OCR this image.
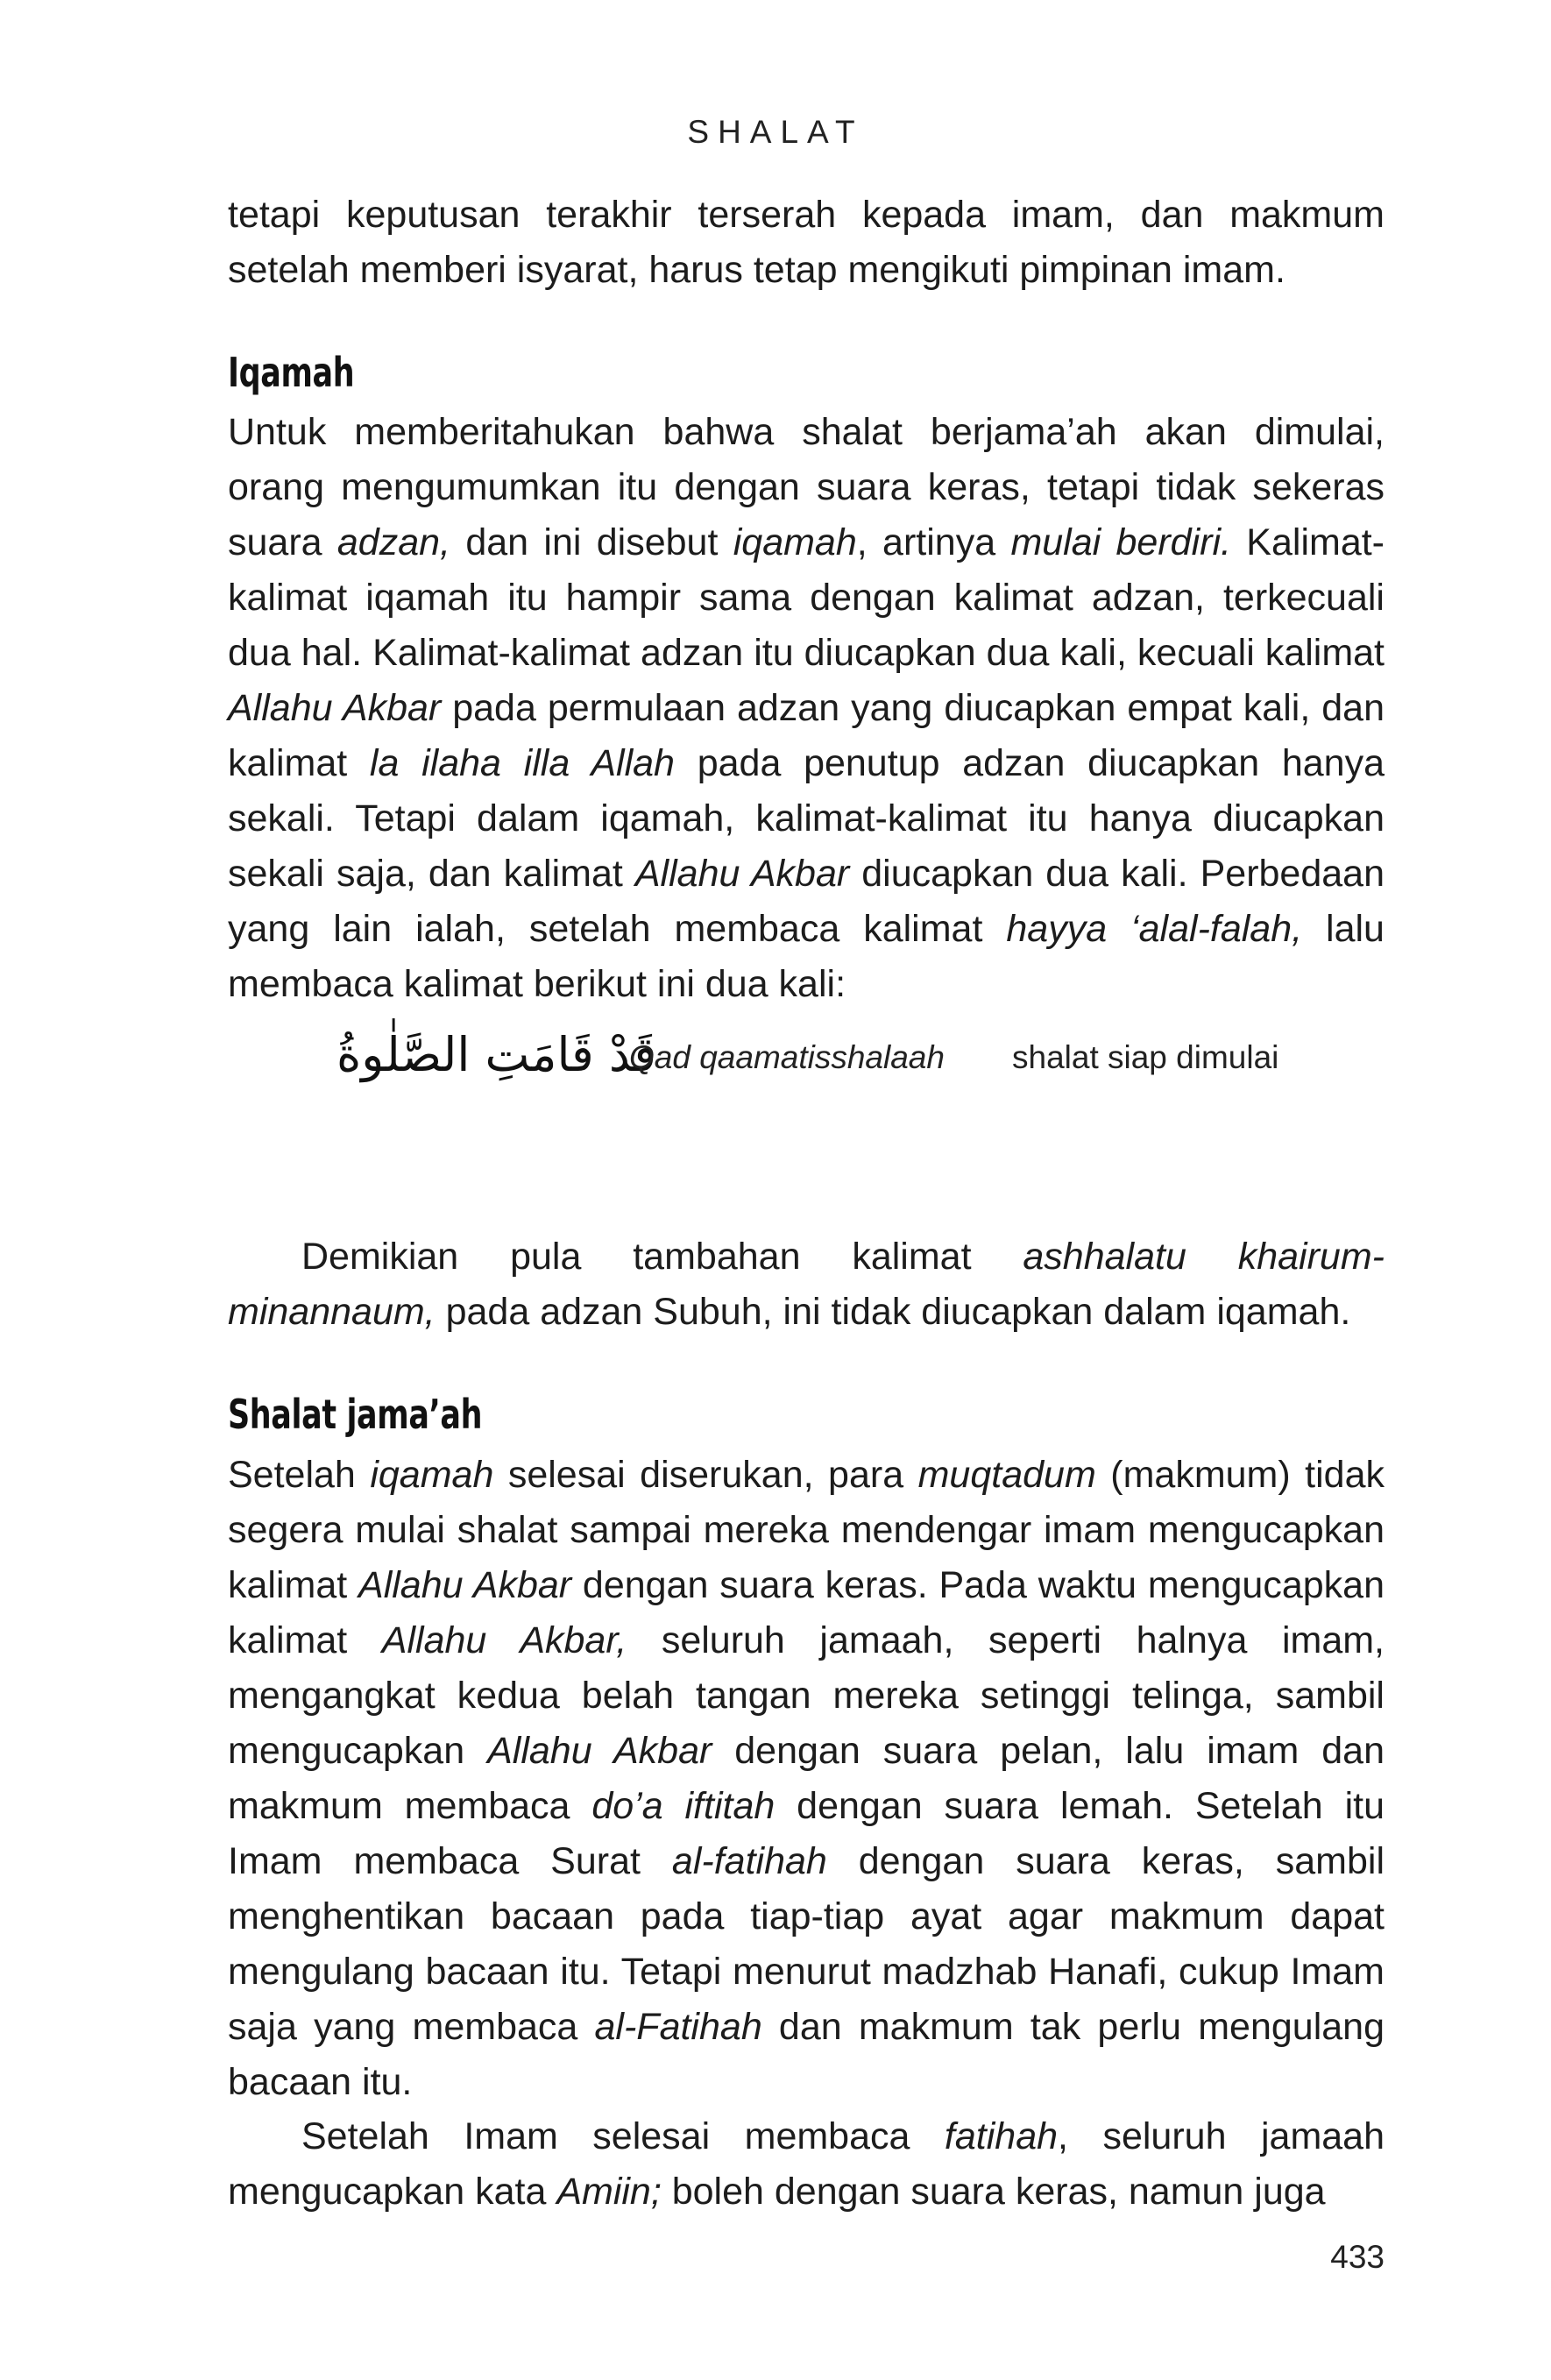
SHALAT

tetapi keputusan terakhir terserah kepada imam, dan makmum setelah memberi isyarat, harus tetap mengikuti pimpinan imam.

Iqamah

Untuk memberitahukan bahwa shalat berjama’ah akan dimulai, orang mengumumkan itu dengan suara keras, tetapi tidak sekeras suara adzan, dan ini disebut iqamah, artinya mulai berdiri. Kalimat-kalimat iqamah itu hampir sama dengan kalimat adzan, terkecuali dua hal. Kalimat-kalimat adzan itu diucapkan dua kali, kecuali kalimat Allahu Akbar pada permulaan adzan yang diucapkan empat kali, dan kalimat la ilaha illa Allah pada penutup adzan diucapkan hanya sekali. Tetapi dalam iqamah, kalimat-kalimat itu hanya diucapkan sekali saja, dan kalimat Allahu Akbar diucapkan dua kali. Perbedaan yang lain ialah, setelah membaca kalimat hayya ‘alal-falah, lalu membaca kalimat berikut ini dua kali:

قَدْ قَامَتِ الصَّلٰوةُ
Qad qaamatisshalaah shalat siap dimulai

Demikian pula tambahan kalimat ashhalatu khairum-minannaum, pada adzan Subuh, ini tidak diucapkan dalam iqamah.

Shalat jama’ah

Setelah iqamah selesai diserukan, para muqtadum (makmum) tidak segera mulai shalat sampai mereka mendengar imam mengucapkan kalimat Allahu Akbar dengan suara keras. Pada waktu mengucapkan kalimat Allahu Akbar, seluruh jamaah, seperti halnya imam, mengangkat kedua belah tangan mereka setinggi telinga, sambil mengucapkan Allahu Akbar dengan suara pelan, lalu imam dan makmum membaca do’a iftitah dengan suara lemah. Setelah itu Imam membaca Surat al-fatihah dengan suara keras, sambil menghentikan bacaan pada tiap-tiap ayat agar makmum dapat mengulang bacaan itu. Tetapi menurut madzhab Hanafi, cukup Imam saja yang membaca al-Fatihah dan makmum tak perlu mengulang bacaan itu.

Setelah Imam selesai membaca fatihah, seluruh jamaah mengucapkan kata Amiin; boleh dengan suara keras, namun juga

433
